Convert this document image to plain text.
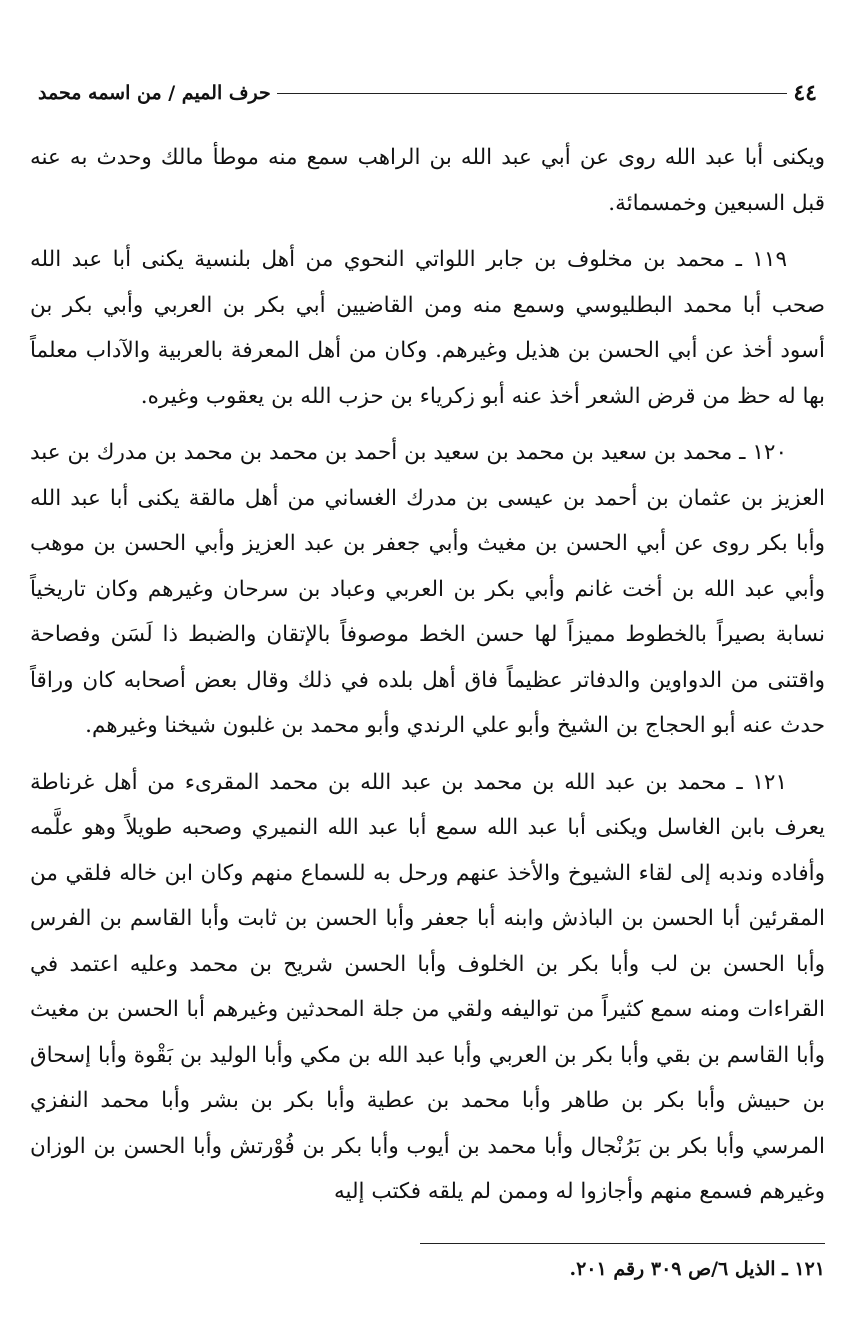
٤٤
حرف الميم / من اسمه محمد

ويكنى أبا عبد الله روى عن أبي عبد الله بن الراهب سمع منه موطأ مالك وحدث به عنه قبل السبعين وخمسمائة.

١١٩ ـ محمد بن مخلوف بن جابر اللواتي النحوي من أهل بلنسية يكنى أبا عبد الله صحب أبا محمد البطليوسي وسمع منه ومن القاضيين أبي بكر بن العربي وأبي بكر بن أسود أخذ عن أبي الحسن بن هذيل وغيرهم. وكان من أهل المعرفة بالعربية والآداب معلماً بها له حظ من قرض الشعر أخذ عنه أبو زكرياء بن حزب الله بن يعقوب وغيره.

١٢٠ ـ محمد بن سعيد بن محمد بن سعيد بن أحمد بن محمد بن محمد بن مدرك بن عبد العزيز بن عثمان بن أحمد بن عيسى بن مدرك الغساني من أهل مالقة يكنى أبا عبد الله وأبا بكر روى عن أبي الحسن بن مغيث وأبي جعفر بن عبد العزيز وأبي الحسن بن موهب وأبي عبد الله بن أخت غانم وأبي بكر بن العربي وعباد بن سرحان وغيرهم وكان تاريخياً نسابة بصيراً بالخطوط مميزاً لها حسن الخط موصوفاً بالإتقان والضبط ذا لَسَن وفصاحة واقتنى من الدواوين والدفاتر عظيماً فاق أهل بلده في ذلك وقال بعض أصحابه كان وراقاً حدث عنه أبو الحجاج بن الشيخ وأبو علي الرندي وأبو محمد بن غلبون شيخنا وغيرهم.

١٢١ ـ محمد بن عبد الله بن محمد بن عبد الله بن محمد المقرىء من أهل غرناطة يعرف بابن الغاسل ويكنى أبا عبد الله سمع أبا عبد الله النميري وصحبه طويلاً وهو علَّمه وأفاده وندبه إلى لقاء الشيوخ والأخذ عنهم ورحل به للسماع منهم وكان ابن خاله فلقي من المقرئين أبا الحسن بن الباذش وابنه أبا جعفر وأبا الحسن بن ثابت وأبا القاسم بن الفرس وأبا الحسن بن لب وأبا بكر بن الخلوف وأبا الحسن شريح بن محمد وعليه اعتمد في القراءات ومنه سمع كثيراً من تواليفه ولقي من جلة المحدثين وغيرهم أبا الحسن بن مغيث وأبا القاسم بن بقي وأبا بكر بن العربي وأبا عبد الله بن مكي وأبا الوليد بن بَقْوة وأبا إسحاق بن حبيش وأبا بكر بن طاهر وأبا محمد بن عطية وأبا بكر بن بشر وأبا محمد النفزي المرسي وأبا بكر بن بَرُنْجال وأبا محمد بن أيوب وأبا بكر بن فُوْرتش وأبا الحسن بن الوزان وغيرهم فسمع منهم وأجازوا له وممن لم يلقه فكتب إليه

١٢١ ـ الذيل ٦/ص ٣٠٩ رقم ٢٠١.
